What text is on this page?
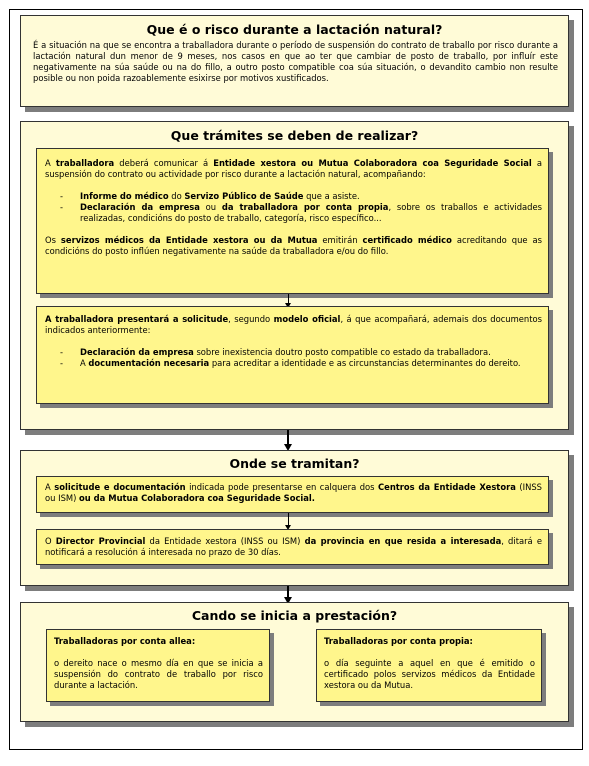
Que é o risco durante a lactación natural?
É a situación na que se encontra a traballadora durante o período de suspensión do contrato de traballo por risco durante a lactación natural dun menor de 9 meses, nos casos en que ao ter que cambiar de posto de traballo, por influír este negativamente na súa saúde ou na do fillo, a outro posto compatible coa súa situación, o devandito cambio non resulte posible ou non poida razoablemente esixirse por motivos xustificados.
Que trámites se deben de realizar?

A traballadora deberá comunicar á Entidade xestora ou Mutua Colaboradora coa Seguridade Social a suspensión do contrato ou actividade por risco durante a lactación natural, acompañando:

- Informe do médico do Servizo Público de Saúde que a asiste.
- Declaración da empresa ou da traballadora por conta propia, sobre os traballos e actividades realizadas, condicións do posto de traballo, categoría, risco específico...

Os servizos médicos da Entidade xestora ou da Mutua emitirán certificado médico acreditando que as condicións do posto inflúen negativamente na saúde da traballadora e/ou do fillo.

A traballadora presentará a solicitude, segundo modelo oficial, á que acompañará, ademais dos documentos indicados anteriormente:

- Declaración da empresa sobre inexistencia doutro posto compatible co estado da traballadora.
- A documentación necesaria para acreditar a identidade e as circunstancias determinantes do dereito.
Onde se tramitan?

A solicitude e documentación indicada pode presentarse en calquera dos Centros da Entidade Xestora (INSS ou ISM) ou da Mutua Colaboradora coa Seguridade Social.

O Director Provincial da Entidade xestora (INSS ou ISM) da provincia en que resida a interesada, ditará e notificará a resolución á interesada no prazo de 30 días.

Cando se inicia a prestación?

Traballadoras por conta allea:

o dereito nace o mesmo día en que se inicia a suspensión do contrato de traballo por risco durante a lactación.

Traballadoras por conta propia:

o día seguinte a aquel en que é emitido o certificado polos servizos médicos da Entidade xestora ou da Mutua.
